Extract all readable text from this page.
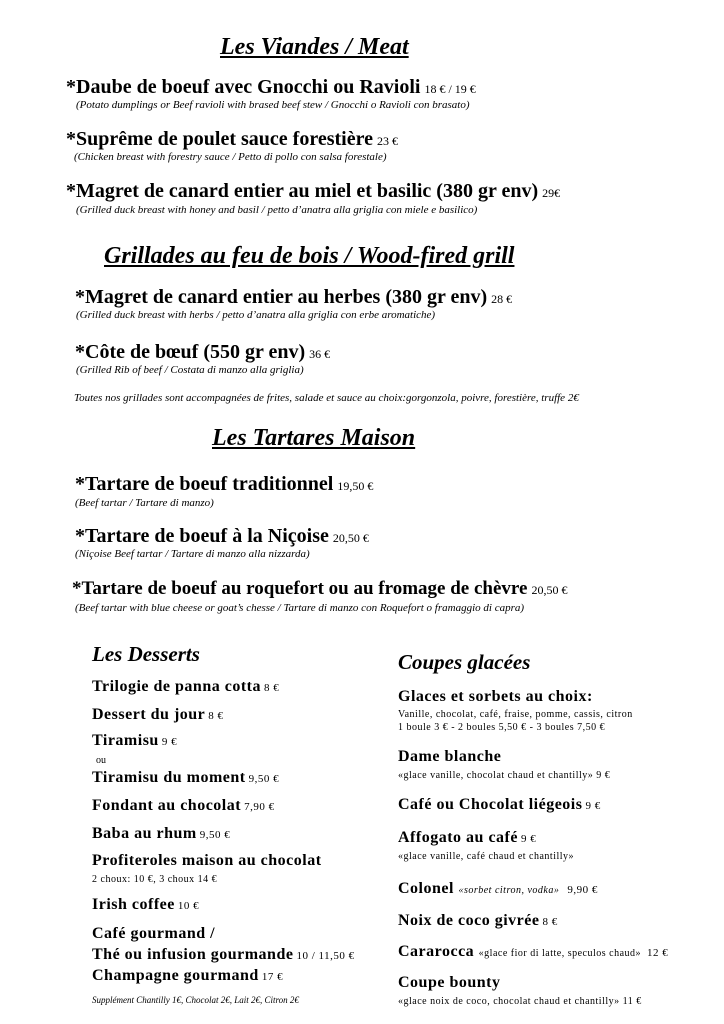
Les Viandes / Meat
*Daube de boeuf avec Gnocchi ou Ravioli 18 € / 19 €
(Potato dumplings or Beef ravioli with brased beef stew / Gnocchi o Ravioli con brasato)
*Suprême de poulet sauce forestière 23 €
(Chicken breast with forestry sauce / Petto di pollo con salsa forestale)
*Magret de canard entier au miel et basilic (380 gr env) 29€
(Grilled duck breast with honey and basil / petto d’anatra alla griglia con miele e basilico)
Grillades au feu de bois / Wood-fired grill
*Magret de canard entier au herbes (380 gr env) 28 €
(Grilled duck breast with herbs / petto d’anatra alla griglia con erbe aromatiche)
*Côte de bœuf (550 gr env) 36 €
(Grilled Rib of beef / Costata di manzo alla griglia)
Toutes nos grillades sont accompagnées de frites, salade et sauce au choix:gorgonzola, poivre, forestière, truffe 2€
Les Tartares Maison
*Tartare de boeuf traditionnel 19,50 €
(Beef tartar / Tartare di manzo)
*Tartare de boeuf à la Niçoise 20,50 €
(Niçoise Beef tartar / Tartare di manzo alla nizzarda)
*Tartare de boeuf au roquefort ou au fromage de chèvre 20,50 €
(Beef tartar with blue cheese or goat’s chesse / Tartare di manzo con Roquefort o framaggio di capra)
Les Desserts
Trilogie de panna cotta 8 €
Dessert du jour 8 €
Tiramisu 9 €
ou
Tiramisu du moment 9,50 €
Fondant au chocolat 7,90 €
Baba au rhum 9,50 €
Profiteroles maison au chocolat
2 choux: 10 €, 3 choux 14 €
Irish coffee 10 €
Café gourmand /
Thé ou infusion gourmande 10 / 11,50 €
Champagne gourmand 17 €
Supplément Chantilly 1€, Chocolat 2€, Lait 2€, Citron 2€
Coupes glacées
Glaces et sorbets au choix:
Vanille, chocolat, café, fraise, pomme, cassis, citron
1 boule 3 € - 2 boules 5,50 € - 3 boules 7,50 €
Dame blanche
«glace vanille, chocolat chaud et chantilly» 9 €
Café ou Chocolat liégeois 9 €
Affogato au café 9 €
«glace vanille, café chaud et chantilly»
Colonel «sorbet citron, vodka» 9,90 €
Noix de coco givrée 8 €
Cararocca «glace fior di latte, speculos chaud» 12 €
Coupe bounty
«glace noix de coco, chocolat chaud et chantilly» 11 €
